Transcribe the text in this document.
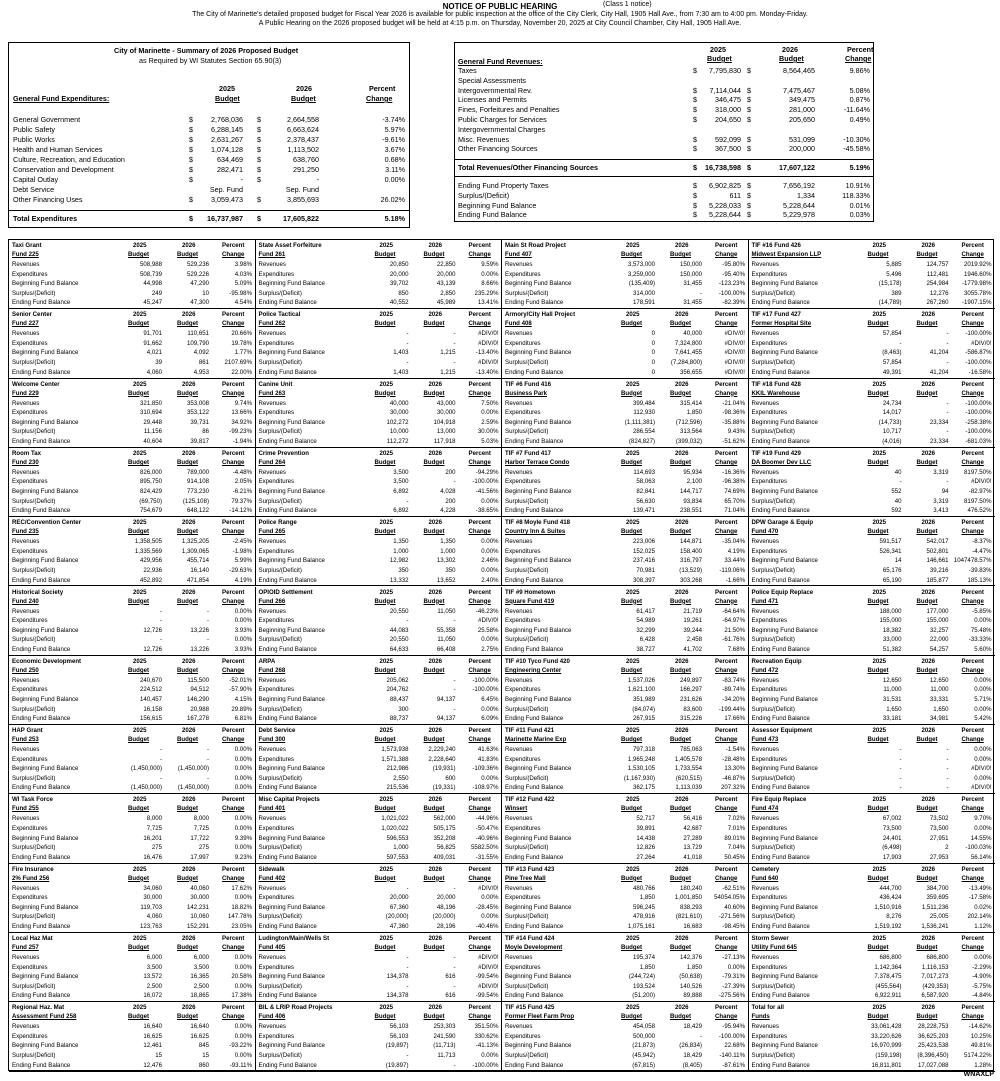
NOTICE OF PUBLIC HEARING	(Class 1 notice)
The City of Marinette's detailed proposed budget for Fiscal Year 2026 is available for public inspection at the office of the City Clerk, City Hall, 1905 Hall Ave., from 7:30 am to 4:00 pm. Monday-Friday.
A Public Hearing on the 2026 proposed budget will be held at 4:15 p.m. on Thursday, November 20, 2025 at City Council Chamber, City Hall, 1905 Hall Ave.
City of Marinette - Summary of 2026 Proposed Budget
as Required by WI Statutes Section 65.90(3)
2025
Budget
2026
Budget
Percent
Change
General Fund Expenditures:
General Government	$	2,768,036 $	2,664,558	-3.74%
Public Safety	$	6,288,145 $	6,663,624	5.97%
Public Works	$	2,631,267 $	2,378,437	-9.61%
Health and Human Services	$	1,074,128 $	1,113,502	3.67%
Culture, Recreation, and Education	$	634,469 $	638,760	0.68%
Conservation and Development	$	282,471 $	291,250	3.11%
Capital Outlay	$	- $	-	0.00%
Debt Service	Sep. Fund	Sep. Fund
Other Financing Uses	$	3,059,473 $	3,855,693	26.02%
Total Expenditures	$ 16,737,987 $	17,605,822	5.18%
2025
Budget
2026
Budget
Percent
Change
General Fund Revenues:
Taxes	$ 7,795,830 $	8,564,465	9.86%
Special Assessments
Intergovernmental Rev.	$ 7,114,044 $	7,475,467	5.08%
Licenses and Permits	$	346,475 $	349,475	0.87%
Fines, Forfeitures and Penalties	$	318,000 $	281,000	-11.64%
Public Charges for Services	$	204,650 $	205,650	0.49%
Intergovernmental Charges
Misc. Revenues	$	592,099 $	531,099	-10.30%
Other Financing Sources	$	367,500 $	200,000	-45.58%
Total Revenues/Other Financing Sources	$ 16,738,598 $	17,607,122	5.19%
Ending Fund Property Taxes	$ 6,902,825 $	7,656,192	10.91%
Surplus/(Deficit)	$	611 $	1,334	118.33%
Beginning Fund Balance	$ 5,228,033 $	5,228,644	0.01%
Ending Fund Balance	$ 5,228,644 $	5,229,978	0.03%
Taxi Grant	2025	2026	Percent
Fund 225	Budget	Budget	Change
Revenues	508,988	529,236	3.98%
Expenditures	508,739	529,226	4.03%
Beginning Fund Balance	44,998	47,290	5.09%
Surplus/(Deficit)	249	10	-95.98%
Ending Fund Balance	45,247	47,300	4.54%
State Asset Forfeiture	2025	2026	Percent
Fund 261	Budget	Budget	Change
Revenues	20,850	22,850	9.59%
Expenditures	20,000	20,000	0.00%
Beginning Fund Balance	39,702	43,139	8.66%
Surplus/(Deficit)	850	2,850	235.29%
Ending Fund Balance	40,552	45,989	13.41%
Main St Road Project	2025	2026	Percent
Fund 407	Budget	Budget	Change
Revenues	3,573,000	150,000	-95.80%
Expenditures	3,259,000	150,000	-95.40%
Beginning Fund Balance	(135,409)	31,455	-123.23%
Surplus/(Deficit)	314,000	-	-100.00%
Ending Fund Balance	178,591	31,455	-82.39%
TIF #16 Fund 426	2025	2026	Percent
Midwest Expansion LLP	Budget	Budget	Change
Revenues	5,885	124,757	2019.92%
Expenditures	5,496	112,481	1946.60%
Beginning Fund Balance	(15,178)	254,984 -1779.98%
Surplus/(Deficit)	389	12,276	3055.78%
Ending Fund Balance	(14,789)	267,260 -1907.15%
Senior Center	2025	2026	Percent
Fund 227	Budget	Budget	Change
Revenues	91,701	110,651	20.66%
Expenditures	91,662	109,790	19.78%
Beginning Fund Balance	4,021	4,092	1.77%
Surplus/(Deficit)	39	861	2107.69%
Ending Fund Balance	4,060	4,953	22.00%
Police Tactical	2025	2026	Percent
Fund 262	Budget	Budget	Change
Revenues	-	-	#DIV/0!
Expenditures	-	-	#DIV/0!
Beginning Fund Balance	1,403	1,215	-13.40%
Surplus/(Deficit)	-	-	#DIV/0!
Ending Fund Balance	1,403	1,215	-13.40%
Armory/City Hall Project	2025	2026	Percent
Fund 408	Budget	Budget	Change
Revenues	0	40,000	#DIV/0!
Expenditures	0	7,324,800	#DIV/0!
Beginning Fund Balance	0	7,641,455	#DIV/0!
Surplus/(Deficit)	0	(7,284,800)	#DIV/0!
Ending Fund Balance	0	356,655	#DIV/0!
TIF #17 Fund 427	2025	2026	Percent
Former Hospital Site	Budget	Budget	Change
Revenues	57,854	-	-100.00%
Expenditures	-	-	#DIV/0!
Beginning Fund Balance	(8,463)	41,204	-586.87%
Surplus/(Deficit)	57,854	-	-100.00%
Ending Fund Balance	49,391	41,204	-16.58%
Welcome Center	2025	2026	Percent
Fund 229	Budget	Budget	Change
Revenues	321,850	353,008	9.74%
Expenditures	310,694	353,122	13.66%
Beginning Fund Balance	29,448	39,731	34.92%
Surplus/(Deficit)	11,156	86	-99.23%
Ending Fund Balance	40,604	39,817	-1.94%
Canine Unit	2025	2026	Percent
Fund 263	Budget	Budget	Change
Revenues	40,000	43,000	7.50%
Expenditures	30,000	30,000	0.00%
Beginning Fund Balance	102,272	104,918	2.59%
Surplus/(Deficit)	10,000	13,000	30.00%
Ending Fund Balance	112,272	117,918	5.03%
TIF #6 Fund 416	2025	2026	Percent
Business Park	Budget	Budget	Change
Revenues	399,484	315,414	-21.04%
Expenditures	112,930	1,850	-98.36%
Beginning Fund Balance	(1,111,381)	(712,596)	-35.88%
Surplus/(Deficit)	286,554	313,564	9.43%
Ending Fund Balance	(824,827)	(399,032)	-51.62%
TIF #18 Fund 428	2025	2026	Percent
KKIL Warehouse	Budget	Budget	Change
Revenues	24,734	-	-100.00%
Expenditures	14,017	-	-100.00%
Beginning Fund Balance	(14,733)	23,334	-258.38%
Surplus/(Deficit)	10,717	-	-100.00%
Ending Fund Balance	(4,016)	23,334	-681.03%
Room Tax	2025	2026	Percent
Fund 230	Budget	Budget	Change
Revenues	826,000	789,000	-4.48%
Expenditures	895,750	914,108	2.05%
Beginning Fund Balance	824,429	773,230	-6.21%
Surplus/(Deficit)	(69,750)	(125,108)	79.37%
Ending Fund Balance	754,679	648,122	-14.12%
Crime Prevention	2025	2026	Percent
Fund 264	Budget	Budget	Change
Revenues	3,500	200	-94.29%
Expenditures	3,500	-	-100.00%
Beginning Fund Balance	6,892	4,028	-41.56%
Surplus/(Deficit)	-	200	0.00%
Ending Fund Balance	6,892	4,228	-38.65%
TIF #7 Fund 417	2025	2026	Percent
Harbor Terrace Condo	Budget	Budget	Change
Revenues	114,693	95,934	-16.36%
Expenditures	58,063	2,100	-96.38%
Beginning Fund Balance	82,841	144,717	74.69%
Surplus/(Deficit)	56,630	93,834	65.70%
Ending Fund Balance	139,471	238,551	71.04%
TIF #19 Fund 429	2025	2026	Percent
DA Boomer Dev LLC	Budget	Budget	Change
Revenues	40	3,319	8197.50%
Expenditures	-	-	#DIV/0!
Beginning Fund Balance	552	94	-82.97%
Surplus/(Deficit)	40	3,319	8197.50%
Ending Fund Balance	592	3,413	476.52%
REC/Convention Center	2025	2026	Percent
Fund 235	Budget	Budget	Change
Revenues	1,358,505	1,325,205	-2.45%
Expenditures	1,335,569	1,309,065	-1.98%
Beginning Fund Balance	429,956	455,714	5.99%
Surplus/(Deficit)	22,936	16,140	-29.63%
Ending Fund Balance	452,892	471,854	4.19%
Police Range	2025	2026	Percent
Fund 265	Budget	Budget	Change
Revenues	1,350	1,350	0.00%
Expenditures	1,000	1,000	0.00%
Beginning Fund Balance	12,982	13,302	2.46%
Surplus/(Deficit)	350	350	0.00%
Ending Fund Balance	13,332	13,652	2.40%
TIF #8 Moyle Fund 418	2025	2026	Percent
Country Inn & Suites	Budget	Budget	Change
Revenues	223,006	144,871	-35.04%
Expenditures	152,025	158,400	4.19%
Beginning Fund Balance	237,416	316,797	33.44%
Surplus/(Deficit)	70,981	(13,529)	-119.06%
Ending Fund Balance	308,397	303,268	-1.66%
DPW Garage & Equip	2025	2026	Percent
Fund 470	Budget	Budget	Change
Revenues	591,517	542,017	-8.37%
Expenditures	526,341	502,801	-4.47%
Beginning Fund Balance	14	146,661 1047478.57%
Surplus/(Deficit)	65,176	39,216	-39.83%
Ending Fund Balance	65,190	185,877	185.13%
Historical Society	2025	2026	Percent
Fund 240	Budget	Budget	Change
Revenues	-	-	0.00%
Expenditures	-	-	0.00%
Beginning Fund Balance	12,726	13,226	3.93%
Surplus/(Deficit)	-	-	0.00%
Ending Fund Balance	12,726	13,226	3.93%
OPIOID Settlement	2025	2026	Percent
Fund 266	Budget	Budget	Change
Revenues	20,550	11,050	-46.23%
Expenditures	-	-	#DIV/0!
Beginning Fund Balance	44,083	55,358	25.58%
Surplus/(Deficit)	20,550	11,050	0.00%
Ending Fund Balance	64,633	66,408	2.75%
TIF #9 Hometown	2025	2026	Percent
Square Fund 419	Budget	Budget	Change
Revenues	61,417	21,719	-64.64%
Expenditures	54,989	19,261	-64.97%
Beginning Fund Balance	32,299	39,244	21.50%
Surplus/(Deficit)	6,428	2,458	-61.76%
Ending Fund Balance	38,727	41,702	7.68%
Police Equip Replace	2025	2026	Percent
Fund 471	Budget	Budget	Change
Revenues	188,000	177,000	-5.85%
Expenditures	155,000	155,000	0.00%
Beginning Fund Balance	18,382	32,257	75.48%
Surplus/(Deficit)	33,000	22,000	-33.33%
Ending Fund Balance	51,382	54,257	5.60%
Economic Development	2025	2026	Percent
Fund 250	Budget	Budget	Change
Revenues	240,670	115,500	-52.01%
Expenditures	224,512	94,512	-57.90%
Beginning Fund Balance	140,457	146,290	4.15%
Surplus/(Deficit)	16,158	20,988	29.89%
Ending Fund Balance	156,615	167,278	6.81%
ARPA	2025	2026	Percent
Fund 268	Budget	Budget	Change
Revenues	205,062	-	-100.00%
Expenditures	204,762	-	-100.00%
Beginning Fund Balance	88,437	94,137	6.45%
Surplus/(Deficit)	300	-	0.00%
Ending Fund Balance	88,737	94,137	6.09%
TIF #10 Tyco Fund 420	2025	2026	Percent
Engineering Center	Budget	Budget	Change
Revenues	1,537,026	249,897	-83.74%
Expenditures	1,621,100	166,297	-89.74%
Beginning Fund Balance	351,989	231,626	-34.20%
Surplus/(Deficit)	(84,074)	83,600	-199.44%
Ending Fund Balance	267,915	315,226	17.66%
Recreation Equip	2025	2026	Percent
Fund 472	Budget	Budget	Change
Revenues	12,650	12,650	0.00%
Expenditures	11,000	11,000	0.00%
Beginning Fund Balance	31,531	33,331	5.71%
Surplus/(Deficit)	1,650	1,650	0.00%
Ending Fund Balance	33,181	34,981	5.42%
HAP Grant	2025	2026	Percent
Fund 253	Budget	Budget	Change
Revenues	-	-	0.00%
Expenditures	-	-	0.00%
Beginning Fund Balance	(1,450,000)	(1,450,000)	0.00%
Surplus/(Deficit)	-	-	0.00%
Ending Fund Balance	(1,450,000)	(1,450,000)	0.00%
Debt Service	2025	2026	Percent
Fund 300	Budget	Budget	Change
Revenues	1,573,938	2,229,240	41.63%
Expenditures	1,571,388	2,228,640	41.83%
Beginning Fund Balance	212,986	(19,931)	-109.36%
Surplus/(Deficit)	2,550	600	0.00%
Ending Fund Balance	215,536	(19,331)	-108.97%
TIF #11 Fund 421	2025	2026	Percent
Marinette Marine Exp	Budget	Budget	Change
Revenues	797,318	785,063	-1.54%
Expenditures	1,965,248	1,405,578	-28.48%
Beginning Fund Balance	1,530,105	1,733,554	13.30%
Surplus/(Deficit)	(1,167,930)	(620,515)	-46.87%
Ending Fund Balance	362,175	1,113,039	207.32%
Assessor Equipment	2025	2026	Percent
Fund 473	Budget	Budget	Change
Revenues	-	-	0.00%
Expenditures	-	-	0.00%
Beginning Fund Balance	-	-	#DIV/0!
Surplus/(Deficit)	-	-	0.00%
Ending Fund Balance	-	-	#DIV/0!
WI Task Force	2025	2026	Percent
Fund 255	Budget	Budget	Change
Revenues	8,000	8,000	0.00%
Expenditures	7,725	7,725	0.00%
Beginning Fund Balance	16,201	17,722	9.39%
Surplus/(Deficit)	275	275	0.00%
Ending Fund Balance	16,476	17,997	9.23%
Misc Capital Projects	2025	2026	Percent
Fund 401	Budget	Budget	Change
Revenues	1,021,022	562,000	-44.96%
Expenditures	1,020,022	505,175	-50.47%
Beginning Fund Balance	596,553	352,208	-40.96%
Surplus/(Deficit)	1,000	56,825	5582.50%
Ending Fund Balance	597,553	409,031	-31.55%
TIF #12 Fund 422	2025	2026	Percent
Winsert	Budget	Budget	Change
Revenues	52,717	56,416	7.02%
Expenditures	39,891	42,687	7.01%
Beginning Fund Balance	14,438	27,289	89.01%
Surplus/(Deficit)	12,826	13,729	7.04%
Ending Fund Balance	27,264	41,018	50.45%
Fire Equip Replace	2025	2026	Percent
Fund 474	Budget	Budget	Change
Revenues	67,002	73,502	9.70%
Expenditures	73,500	73,500	0.00%
Beginning Fund Balance	24,401	27,951	14.55%
Surplus/(Deficit)	(6,498)	2	-100.03%
Ending Fund Balance	17,903	27,953	56.14%
Fire Insurance	2025	2026	Percent
2% Fund 256	Budget	Budget	Change
Revenues	34,060	40,060	17.62%
Expenditures	30,000	30,000	0.00%
Beginning Fund Balance	119,703	142,231	18.82%
Surplus/(Deficit)	4,060	10,060	147.78%
Ending Fund Balance	123,763	152,291	23.05%
Sidewalk	2025	2026	Percent
Fund 402	Budget	Budget	Change
Revenues	-	-	#DIV/0!
Expenditures	20,000	20,000	0.00%
Beginning Fund Balance	67,360	48,196	-28.45%
Surplus/(Deficit)	(20,000)	(20,000)	0.00%
Ending Fund Balance	47,360	28,196	-40.46%
TIF #13 Fund 423	2025	2026	Percent
Pine Tree Mall	Budget	Budget	Change
Revenues	480,766	180,240	-62.51%
Expenditures	1,850	1,001,850 54054.05%
Beginning Fund Balance	596,245	838,293	40.60%
Surplus/(Deficit)	478,916	(821,610)	-271.56%
Ending Fund Balance	1,075,161	16,683	-98.45%
Cemetery	2025	2026	Percent
Fund 640	Budget	Budget	Change
Revenues	444,700	384,700	-13.49%
Expenditures	436,424	359,695	-17.58%
Beginning Fund Balance	1,510,916	1,511,236	0.02%
Surplus/(Deficit)	8,276	25,005	202.14%
Ending Fund Balance	1,519,192	1,536,241	1.12%
Local Haz Mat	2025	2026	Percent
Fund 257	Budget	Budget	Change
Revenues	6,000	6,000	0.00%
Expenditures	3,500	3,500	0.00%
Beginning Fund Balance	13,572	16,365	20.58%
Surplus/(Deficit)	2,500	2,500	0.00%
Ending Fund Balance	16,072	18,865	17.38%
Ludington/Main/Wells St	2025	2026	Percent
Fund 405	Budget	Budget	Change
Revenues	-	-	#DIV/0!
Expenditures	-	-	#DIV/0!
Beginning Fund Balance	134,378	616	-99.54%
Surplus/(Deficit)	-	-	#DIV/0!
Ending Fund Balance	134,378	616	-99.54%
TIF #14 Fund 424	2025	2026	Percent
Moyle Development	Budget	Budget	Change
Revenues	195,374	142,376	-27.13%
Expenditures	1,850	1,850	0.00%
Beginning Fund Balance	(244,724)	(50,638)	-79.31%
Surplus/(Deficit)	193,524	140,526	-27.39%
Ending Fund Balance	(51,200)	89,888	-275.56%
Storm Sewer	2025	2026	Percent
Utility Fund 645	Budget	Budget	Change
Revenues	686,800	686,800	0.00%
Expenditures	1,142,364	1,116,153	-2.29%
Beginning Fund Balance	7,378,475	7,017,273	-4.90%
Surplus/(Deficit)	(455,564)	(429,353)	-5.75%
Ending Fund Balance	6,922,911	6,587,920	-4.84%
Regional Haz. Mat	2025	2026	Percent
Assessment Fund 258	Budget	Budget	Change
Revenues	16,640	16,640	0.00%
Expenditures	16,625	16,625	0.00%
Beginning Fund Balance	12,461	845	-93.22%
Surplus/(Deficit)	15	15	0.00%
Ending Fund Balance	12,476	860	-93.11%
BIL & LRIP Road Projects	2025	2026	Percent
Fund 406	Budget	Budget	Change
Revenues	56,103	253,303	351.50%
Expenditures	56,103	241,590	330.62%
Beginning Fund Balance	(19,897)	(11,713)	-41.13%
Surplus/(Deficit)	-	11,713	0.00%
Ending Fund Balance	(19,897)	-	-100.00%
TIF #15 Fund 425	2025	2026	Percent
Former Fleet Farm Prop	Budget	Budget	Change
Revenues	454,058	18,429	-95.94%
Expenditures	500,000	-	-100.00%
Beginning Fund Balance	(21,873)	(26,834)	22.68%
Surplus/(Deficit)	(45,942)	18,429	-140.11%
Ending Fund Balance	(67,815)	(8,405)	-87.61%
Total for all	2025	2026	Percent
Funds	Budget	Budget	Change
Revenues	33,061,428	28,228,753	-14.62%
Expenditures	33,220,626	36,625,203	10.25%
Beginning Fund Balance	16,970,999	25,423,538	49.81%
Surplus/(Deficit)	(159,198)	(8,396,450)	5174.22%
Ending Fund Balance	16,811,801	17,027,088	1.28%
WNAXLP
